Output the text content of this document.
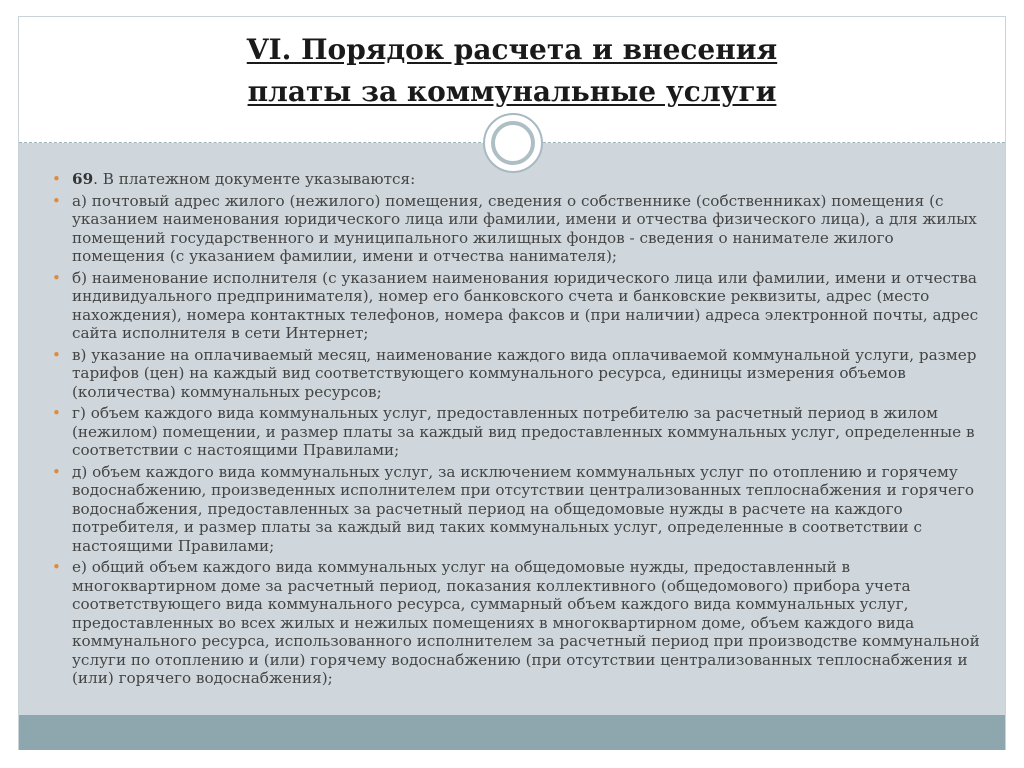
VI. Порядок расчета и внесения
платы за коммунальные услуги
• 69. В платежном документе указываются:
• а) почтовый адрес жилого (нежилого) помещения, сведения о собственнике (собственниках) помещения (с указанием наименования юридического лица или фамилии, имени и отчества физического лица), а для жилых помещений государственного и муниципального жилищных фондов - сведения о нанимателе жилого помещения (с указанием фамилии, имени и отчества нанимателя);
• б) наименование исполнителя (с указанием наименования юридического лица или фамилии, имени и отчества индивидуального предпринимателя), номер его банковского счета и банковские реквизиты, адрес (место нахождения), номера контактных телефонов, номера факсов и (при наличии) адреса электронной почты, адрес сайта исполнителя в сети Интернет;
• в) указание на оплачиваемый месяц, наименование каждого вида оплачиваемой коммунальной услуги, размер тарифов (цен) на каждый вид соответствующего коммунального ресурса, единицы измерения объемов (количества) коммунальных ресурсов;
• г) объем каждого вида коммунальных услуг, предоставленных потребителю за расчетный период в жилом (нежилом) помещении, и размер платы за каждый вид предоставленных коммунальных услуг, определенные в соответствии с настоящими Правилами;
• д) объем каждого вида коммунальных услуг, за исключением коммунальных услуг по отоплению и горячему водоснабжению, произведенных исполнителем при отсутствии централизованных теплоснабжения и горячего водоснабжения, предоставленных за расчетный период на общедомовые нужды в расчете на каждого потребителя, и размер платы за каждый вид таких коммунальных услуг, определенные в соответствии с настоящими Правилами;
• е) общий объем каждого вида коммунальных услуг на общедомовые нужды, предоставленный в многоквартирном доме за расчетный период, показания коллективного (общедомового) прибора учета соответствующего вида коммунального ресурса, суммарный объем каждого вида коммунальных услуг, предоставленных во всех жилых и нежилых помещениях в многоквартирном доме, объем каждого вида коммунального ресурса, использованного исполнителем за расчетный период при производстве коммунальной услуги по отоплению и (или) горячему водоснабжению (при отсутствии централизованных теплоснабжения и (или) горячего водоснабжения);
